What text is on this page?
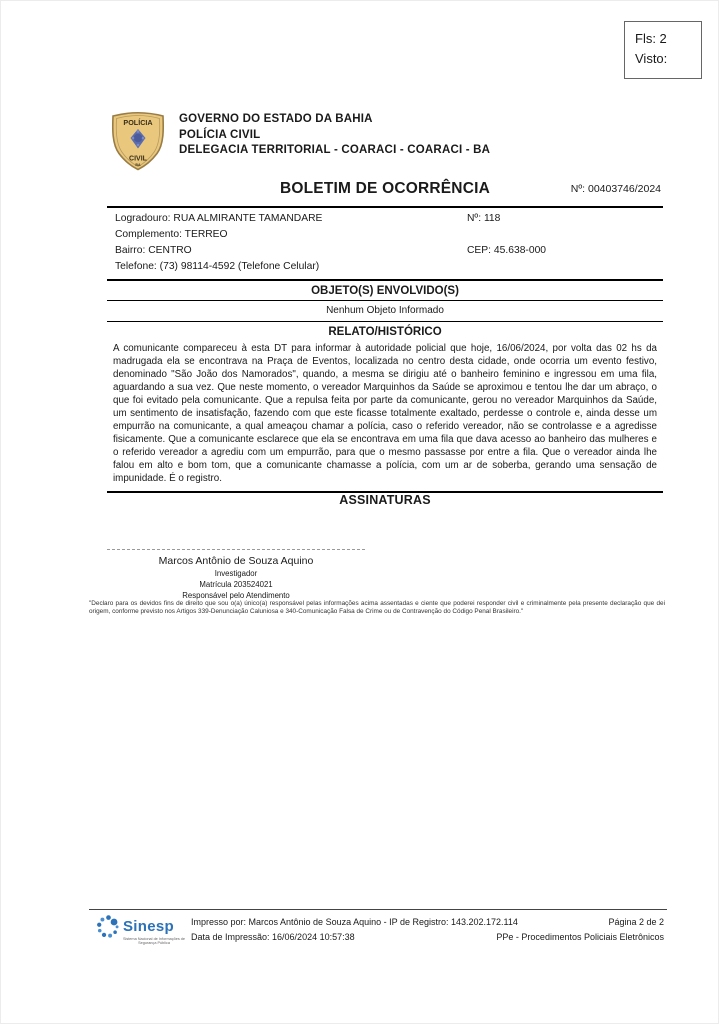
Fls: 2
Visto:
POLÍCIA
CIVIL
BA
GOVERNO DO ESTADO DA BAHIA
POLÍCIA CIVIL
DELEGACIA TERRITORIAL - COARACI - COARACI - BA
BOLETIM DE OCORRÊNCIA	Nº: 00403746/2024
Logradouro: RUA ALMIRANTE TAMANDARE	Nº: 118
Complemento: TERREO
Bairro: CENTRO	CEP: 45.638-000
Telefone: (73) 98114-4592 (Telefone Celular)
OBJETO(S) ENVOLVIDO(S)
Nenhum Objeto Informado
RELATO/HISTÓRICO
A comunicante compareceu à esta DT para informar à autoridade policial que hoje, 16/06/2024, por volta das 02 hs da madrugada ela se encontrava na Praça de Eventos, localizada no centro desta cidade, onde ocorria um evento festivo, denominado "São João dos Namorados", quando, a mesma se dirigiu até o banheiro feminino e ingressou em uma fila, aguardando a sua vez. Que neste momento, o vereador Marquinhos da Saúde se aproximou e tentou lhe dar um abraço, o que foi evitado pela comunicante. Que a repulsa feita por parte da comunicante, gerou no vereador Marquinhos da Saúde, um sentimento de insatisfação, fazendo com que este ficasse totalmente exaltado, perdesse o controle e, ainda desse um empurrão na comunicante, a qual ameaçou chamar a polícia, caso o referido vereador, não se controlasse e a agredisse fisicamente. Que a comunicante esclarece que ela se encontrava em uma fila que dava acesso ao banheiro das mulheres e o referido vereador a agrediu com um empurrão, para que o mesmo passasse por entre a fila. Que o vereador ainda lhe falou em alto e bom tom, que a comunicante chamasse a polícia, com um ar de soberba, gerando uma sensação de impunidade. É o registro.
ASSINATURAS
Marcos Antônio de Souza Aquino
Investigador
Matrícula 203524021
Responsável pelo Atendimento
"Declaro para os devidos fins de direito que sou o(a) único(a) responsável pelas informações acima assentadas e ciente que poderei responder civil e criminalmente pela presente declaração que dei origem, conforme previsto nos Artigos 339-Denunciação Caluniosa e 340-Comunicação Falsa de Crime ou de Contravenção do Código Penal Brasileiro."
Sinesp
Sistema Nacional de Informações de Segurança Pública
Impresso por: Marcos Antônio de Souza Aquino - IP de Registro: 143.202.172.114
Data de Impressão: 16/06/2024 10:57:38
Página 2 de 2
PPe - Procedimentos Policiais Eletrônicos
